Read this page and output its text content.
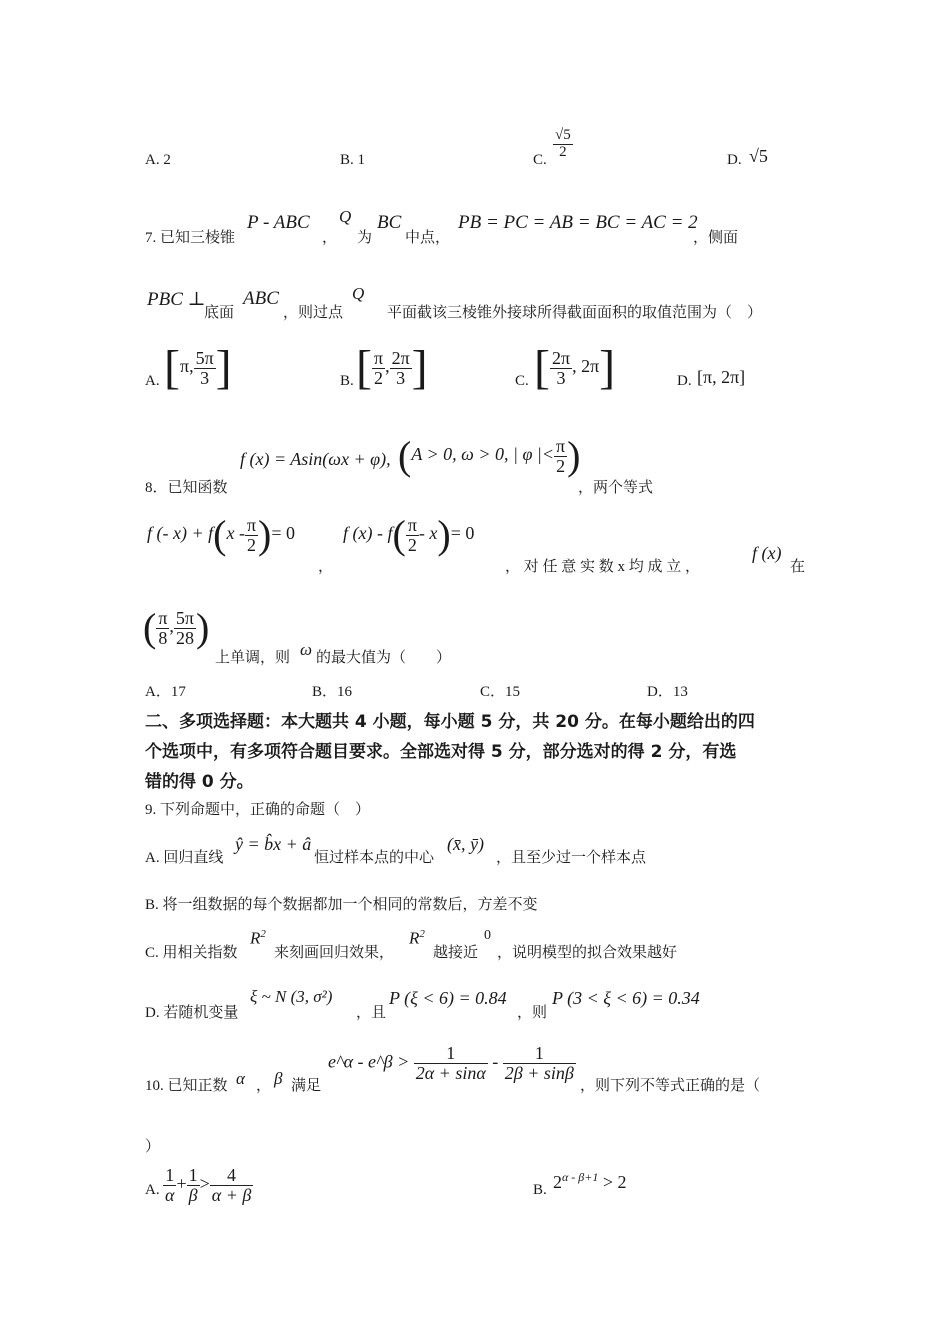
A. 2	B. 1	C. $\frac{√5}{2}$	D. √5
7. 已知三棱锥
P - ABC
，
Q
为
BC
中点，
PB = PC = AB = BC = AC = 2
，侧面
PBC ⊥
底面
ABC
，则过点
Q
平面截该三棱锥外接球所得截面面积的取值范围为（　）
A. [π, $\frac{5\pi}{3}$ ]	B. [ $\frac{\pi}{2}$ , $\frac{2\pi}{3}$ ]	C. [ $\frac{2\pi}{3}$ , 2π]	D. [π, 2π]
8．已知函数
f (x) = Asin(ωx + φ), (A > 0, ω > 0, | φ |< $\frac{\pi}{2}$ )
，两个等式
f (- $x) + f(x - \frac{\pi}{2}$ )= 0
，
f $(x) - f( \frac{\pi}{2} - x)= 0$
， 对 任 意 实 数 x 均 成 立 ，
f (x)
在
( $\frac{\pi}{8}$ , $\frac{5\pi}{28}$ )
上单调，则 ω 的最大值为（　　）
A．17	B．16	C．15	D．13
二、多项选择题：本大题共 4 小题，每小题 5 分，共 20 分。在每小题给出的四
个选项中，有多项符合题目要求。全部选对得 5 分，部分选对的得 2 分，有选
错的得 0 分。
9. 下列命题中，正确的命题（　）
A. 回归直线
ŷ = b̂x + â
恒过样本点的中心
(x̄, ȳ)
，且至少过一个样本点
B. 将一组数据的每个数据都加一个相同的常数后，方差不变
C. 用相关指数
$R^2$
来刻画回归效果，
$R^2$
越接近
0
，说明模型的拟合效果越好
D. 若随机变量
ξ ~ N (3, σ²)
，且
P (ξ < 6) = 0.84
，则
P (3 < ξ < 6) = 0.34
10. 已知正数 α ， β 满足
e^α - e^β > $\frac{1}{2\alpha + \sin\alpha} - \frac{1}{2\beta + \sin\beta}$
，则下列不等式正确的是（
）
A. $\frac{1}{\alpha} + \frac{1}{\beta} > \frac{4}{\alpha + \beta}$	B. $2^{\alpha - \beta+1} > 2$
